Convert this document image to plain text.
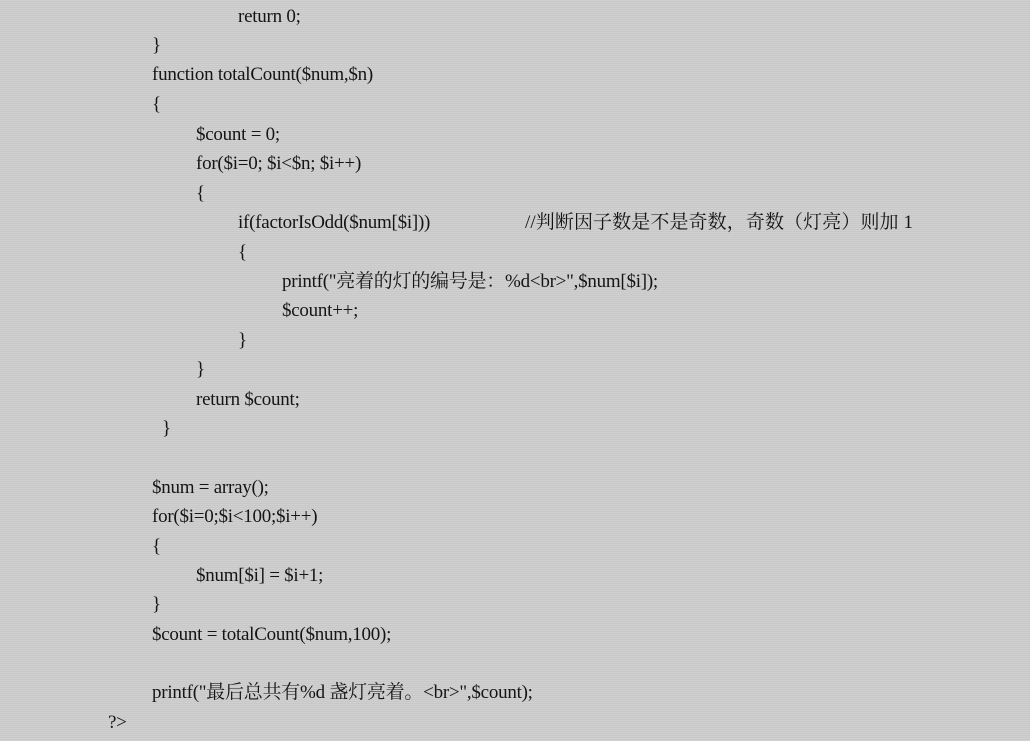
return 0;
}
function totalCount($num,$n)
{
$count = 0;
for($i=0; $i<$n; $i++)
{
if(factorIsOdd($num[$i]))	//判断因子数是不是奇数，奇数（灯亮）则加 1
{
printf("亮着的灯的编号是：%d<br>",$num[$i]);
$count++;
}
}
return $count;
}
$num = array();
for($i=0;$i<100;$i++)
{
$num[$i] = $i+1;
}
$count = totalCount($num,100);
printf("最后总共有%d 盏灯亮着。<br>",$count);
?>
